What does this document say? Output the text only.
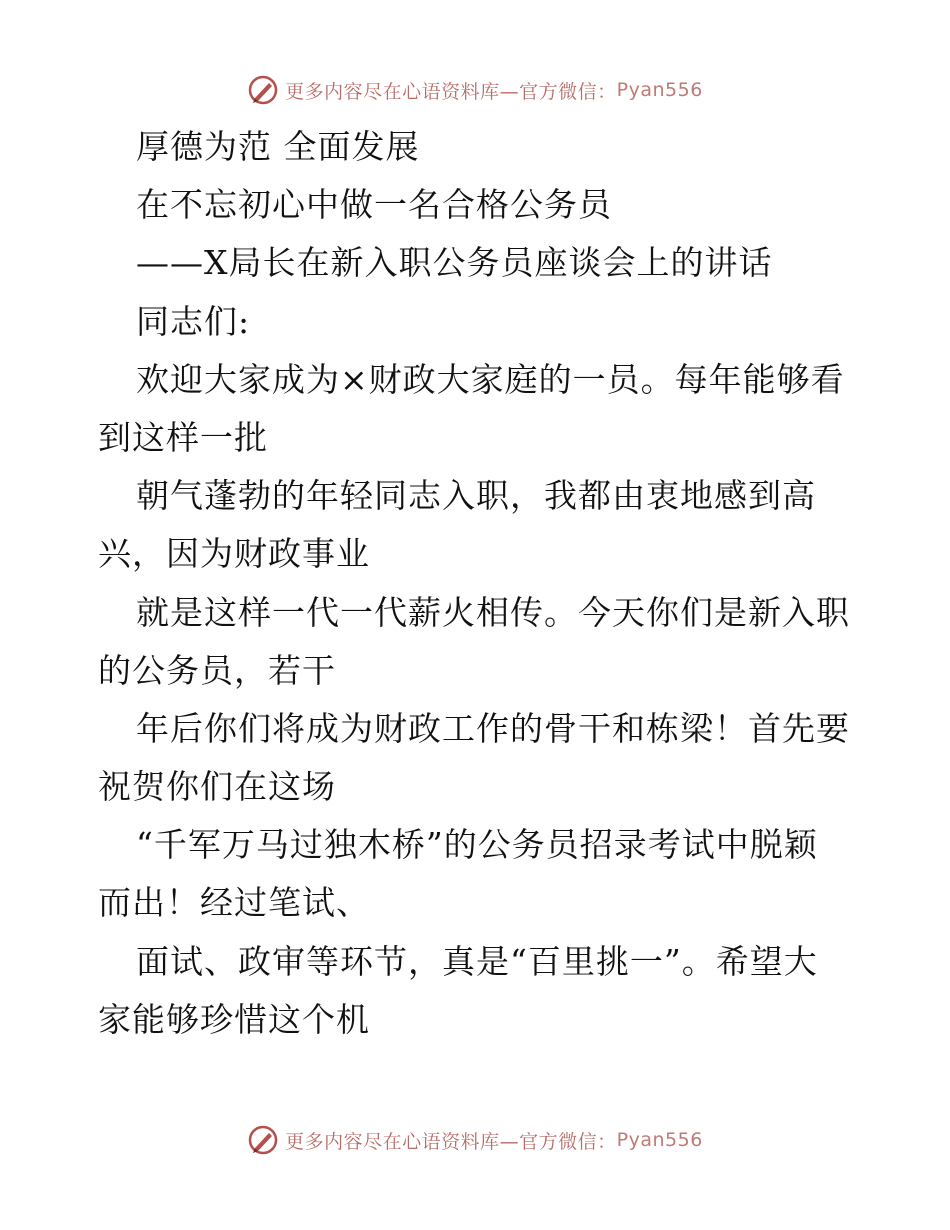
更多内容尽在心语资料库—官方微信： Pyan556
厚德为范 全面发展
在不忘初心中做一名合格公务员
——X局长在新入职公务员座谈会上的讲话
同志们:
欢迎大家成为×财政大家庭的一员。每年能够看
到这样一批
朝气蓬勃的年轻同志入职，我都由衷地感到高
兴，因为财政事业
就是这样一代一代薪火相传。今天你们是新入职
的公务员，若干
年后你们将成为财政工作的骨干和栋梁！首先要
祝贺你们在这场
“千军万马过独木桥”的公务员招录考试中脱颖
而出！经过笔试、
面试、政审等环节，真是“百里挑一”。希望大
家能够珍惜这个机
更多内容尽在心语资料库—官方微信： Pyan556
